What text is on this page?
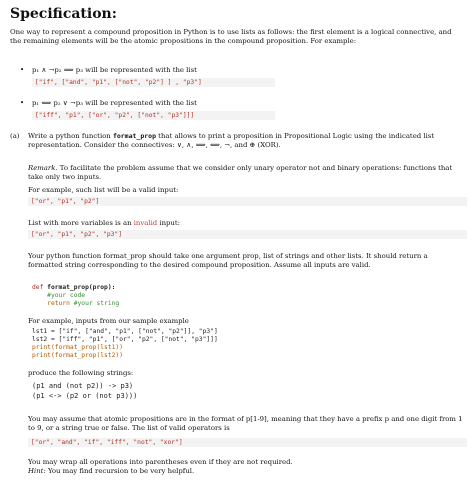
Specification:
One way to represent a compound proposition in Python is to use lists as follows: the first element is a logical connective, and the remaining elements will be the atomic propositions in the compound proposition. For example:
• p₁ ∧ ¬p₂ ⟹ p₃ will be represented with the list
["if", ["and", "p1", ["not", "p2"] ] , "p3"]
• p₁ ⟺ p₂ ∨ ¬p₃ will be represented with the list
["iff", "p1", ["or", "p2", ["not", "p3"]]]
(a) Write a python function format_prop that allows to print a proposition in Propositional Logic using the indicated list representation. Consider the connectives: ∨, ∧, ⟹, ⟺, ¬, and ⊕ (XOR).
Remark. To facilitate the problem assume that we consider only unary operator not and binary operations: functions that take only two inputs.
For example, such list will be a valid input:
["or", "p1", "p2"]
List with more variables is an invalid input:
["or", "p1", "p2", "p3"]
Your python function format_prop should take one argument prop, list of strings and other lists. It should return a formatted string corresponding to the desired compound proposition. Assume all inputs are valid.
def format_prop(prop):
#your code
return #your string
For example, inputs from our sample example
lst1 = ["if", ["and", "p1", ["not", "p2"]], "p3"]
lst2 = ["iff", "p1", ["or", "p2", ["not", "p3"]]]
print(format_prop(lst1))
print(format_prop(lst2))
produce the following strings:
(p1 and (not p2)) -> p3)
(p1 <-> (p2 or (not p3)))
You may assume that atomic propositions are in the format of p[1-9], meaning that they have a prefix p and one digit from 1 to 9, or a string true or false. The list of valid operators is
["or", "and", "if", "iff", "not", "xor"]
You may wrap all operations into parentheses even if they are not required.
Hint: You may find recursion to be very helpful.
